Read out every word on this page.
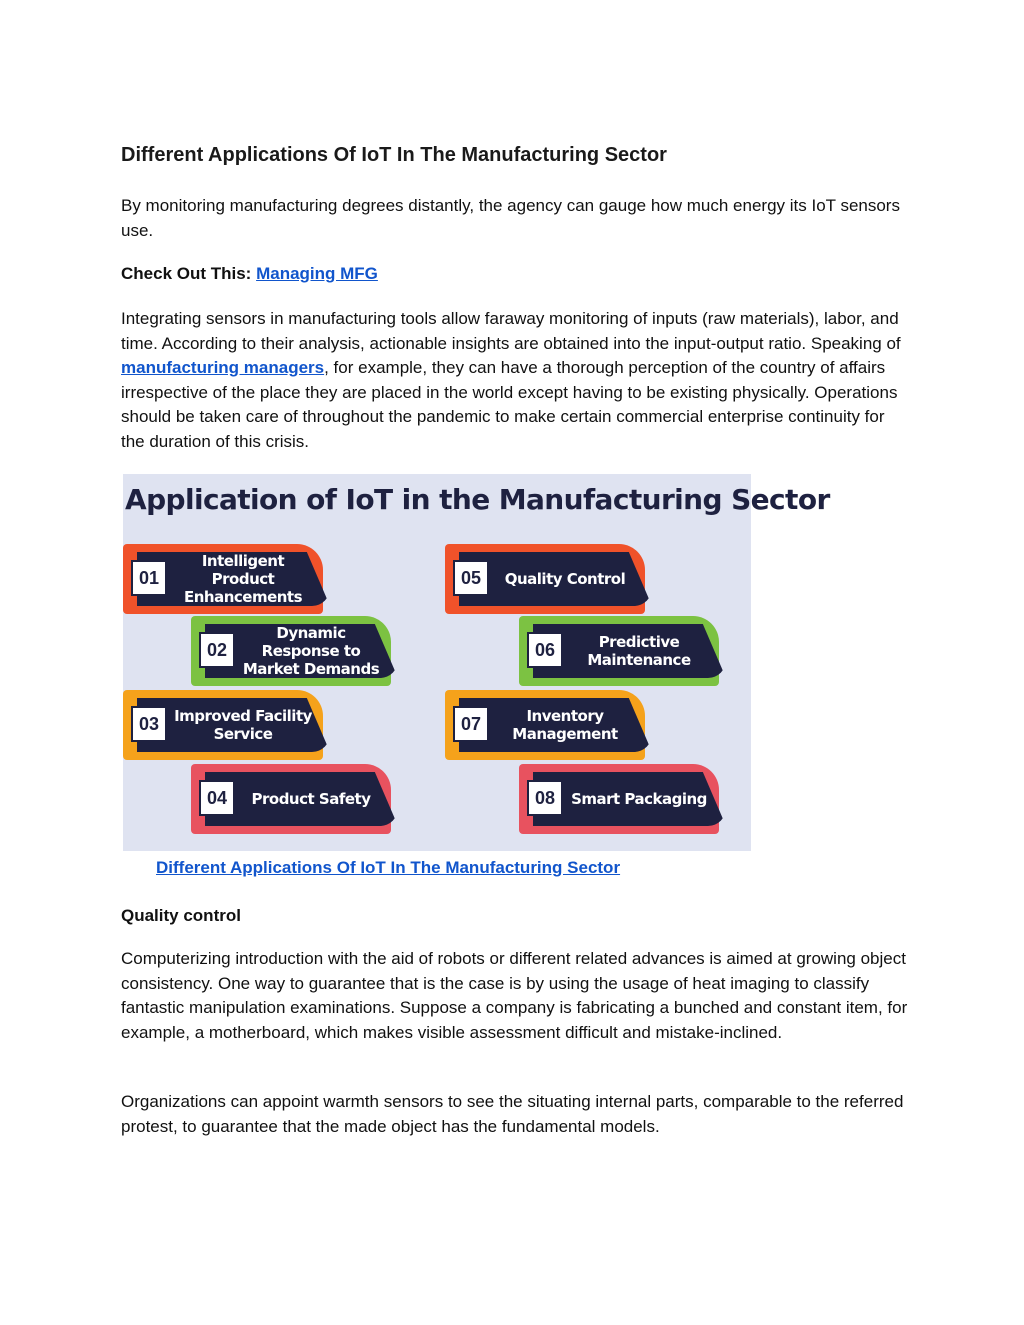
Different Applications Of IoT In The Manufacturing Sector

By monitoring manufacturing degrees distantly, the agency can gauge how much energy its IoT sensors use.

Check Out This: Managing MFG

Integrating sensors in manufacturing tools allow faraway monitoring of inputs (raw materials), labor, and time. According to their analysis, actionable insights are obtained into the input-output ratio. Speaking of manufacturing managers, for example, they can have a thorough perception of the country of affairs irrespective of the place they are placed in the world except having to be existing physically. Operations should be taken care of throughout the pandemic to make certain commercial enterprise continuity for the duration of this crisis.

Quality control

Computerizing introduction with the aid of robots or different related advances is aimed at growing object consistency. One way to guarantee that is the case is by using the usage of heat imaging to classify fantastic manipulation examinations. Suppose a company is fabricating a bunched and constant item, for example, a motherboard, which makes visible assessment difficult and mistake-inclined.

Organizations can appoint warmth sensors to see the situating internal parts, comparable to the referred protest, to guarantee that the made object has the fundamental models.

Application of IoT in the Manufacturing Sector
01
Intelligent Product Enhancements
02
Dynamic Response to Market Demands
03	Improved Facility Service
04	Product Safety
05	Quality Control
06	Predictive Maintenance
07	Inventory Management
08	Smart Packaging
Different Applications Of IoT In The Manufacturing Sector
